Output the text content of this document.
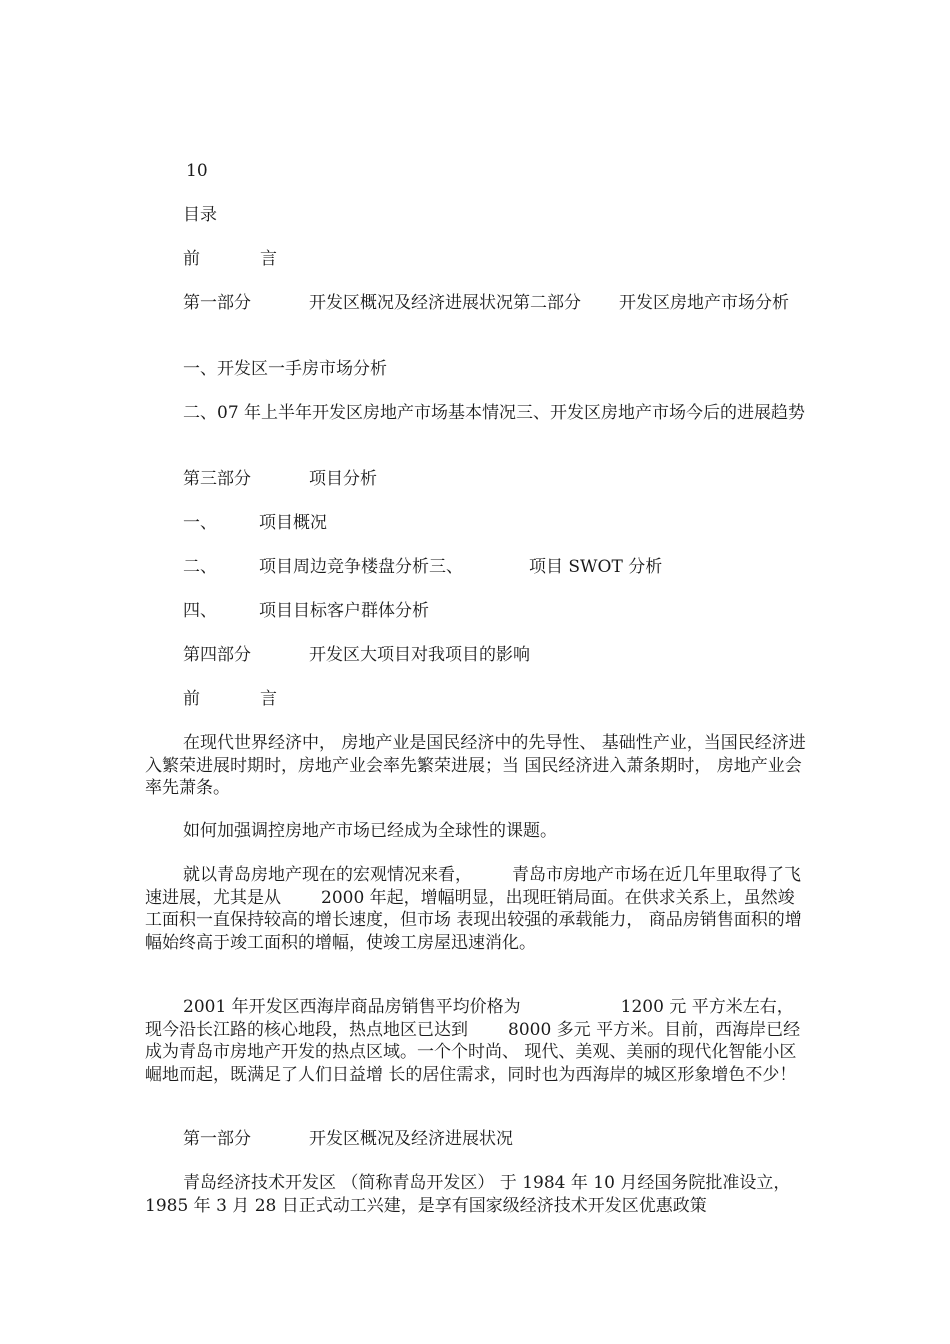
10
目录
前	言
第一部分	开发区概况及经济进展状况第二部分 开发区房地产市场分析
一、开发区一手房市场分析
二、07 年上半年开发区房地产市场基本情况三、开发区房地产市场今后的进展趋势
第三部分	项目分析
一、 项目概况
二、 项目周边竞争楼盘分析三、	项目 SWOT 分析
四、 项目目标客户群体分析
第四部分	开发区大项目对我项目的影响
前	言
在现代世界经济中， 房地产业是国民经济中的先导性、 基础性产业，当国民经济进入繁荣进展时期时，房地产业会率先繁荣进展；当 国民经济进入萧条期时， 房地产业会率先萧条。
如何加强调控房地产市场已经成为全球性的课题。
就以青岛房地产现在的宏观情况来看， 青岛市房地产市场在近几年里取得了飞速进展，尤其是从 2000 年起，增幅明显，出现旺销局面。在供求关系上，虽然竣工面积一直保持较高的增长速度，但市场 表现出较强的承载能力， 商品房销售面积的增幅始终高于竣工面积的增幅，使竣工房屋迅速消化。
2001 年开发区西海岸商品房销售平均价格为	1200 元 平方米左右，现今沿长江路的核心地段，热点地区已达到 8000 多元 平方米。目前，西海岸已经成为青岛市房地产开发的热点区域。一个个时尚、 现代、美观、美丽的现代化智能小区崛地而起，既满足了人们日益增 长的居住需求，同时也为西海岸的城区形象增色不少！
第一部分	开发区概况及经济进展状况
青岛经济技术开发区 （简称青岛开发区） 于 1984 年 10 月经国务院批准设立， 1985 年 3 月 28 日正式动工兴建，是享有国家级经济技术开发区优惠政策
